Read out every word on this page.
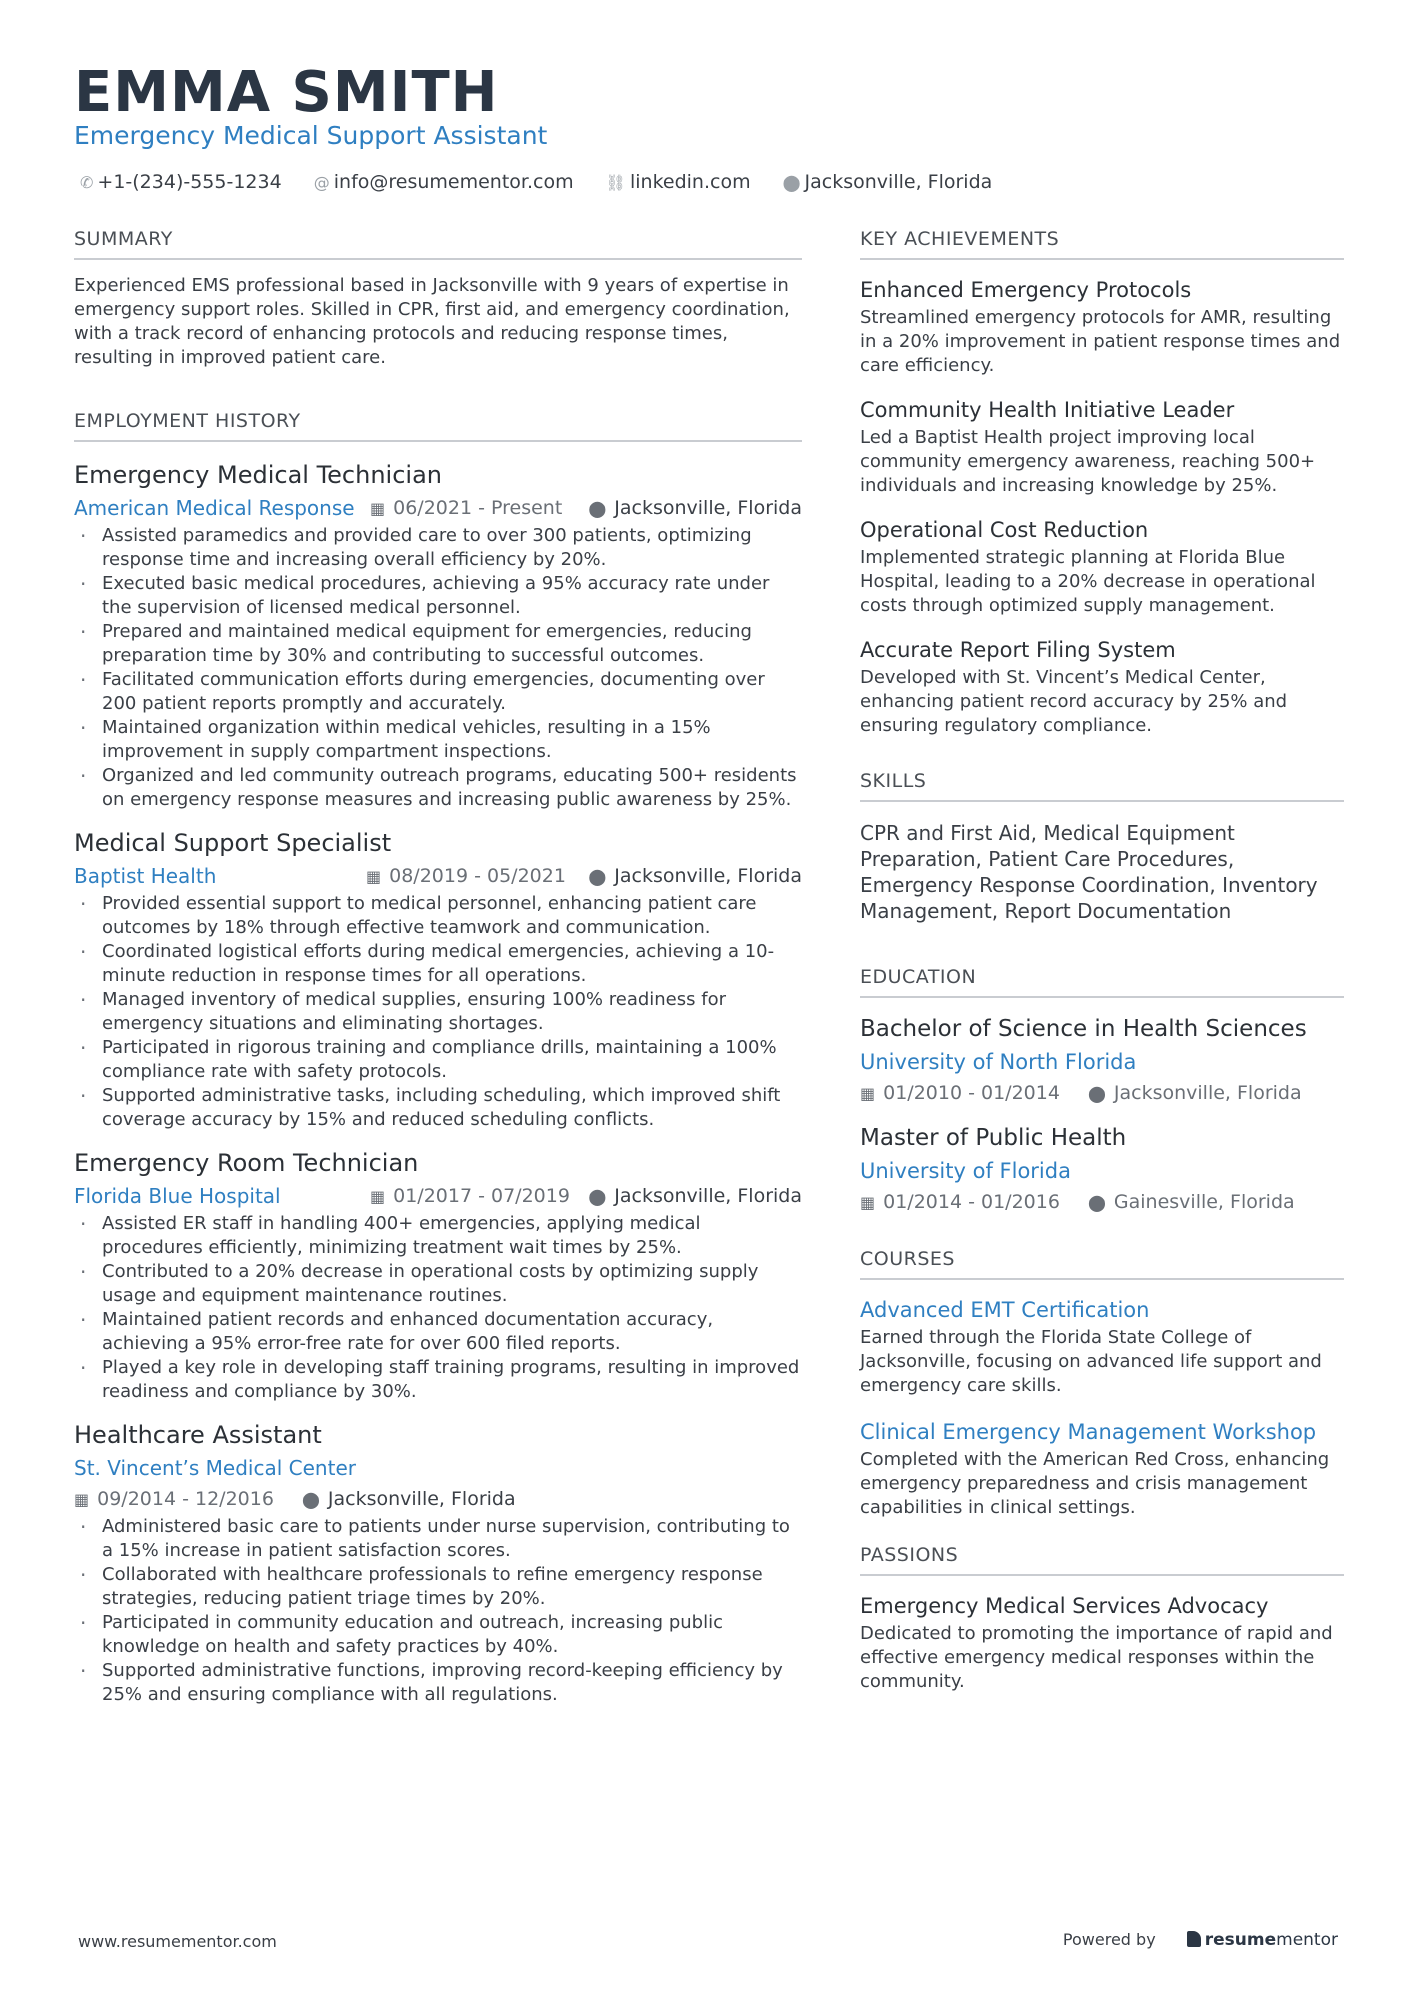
EMMA SMITH
Emergency Medical Support Assistant
✆ +1-(234)-555-1234 @ info@resumementor.com ⛓ linkedin.com ⬤ Jacksonville, Florida
SUMMARY
Experienced EMS professional based in Jacksonville with 9 years of expertise in emergency support roles. Skilled in CPR, first aid, and emergency coordination, with a track record of enhancing protocols and reducing response times, resulting in improved patient care.
EMPLOYMENT HISTORY
Emergency Medical Technician
American Medical Response ▦ 06/2021 - Present ⬤ Jacksonville, Florida
· Assisted paramedics and provided care to over 300 patients, optimizing response time and increasing overall efficiency by 20%.
· Executed basic medical procedures, achieving a 95% accuracy rate under the supervision of licensed medical personnel.
· Prepared and maintained medical equipment for emergencies, reducing preparation time by 30% and contributing to successful outcomes.
· Facilitated communication efforts during emergencies, documenting over 200 patient reports promptly and accurately.
· Maintained organization within medical vehicles, resulting in a 15% improvement in supply compartment inspections.
· Organized and led community outreach programs, educating 500+ residents on emergency response measures and increasing public awareness by 25%.
Medical Support Specialist
Baptist Health	▦ 08/2019 - 05/2021 ⬤ Jacksonville, Florida
· Provided essential support to medical personnel, enhancing patient care outcomes by 18% through effective teamwork and communication.
· Coordinated logistical efforts during medical emergencies, achieving a 10-minute reduction in response times for all operations.
· Managed inventory of medical supplies, ensuring 100% readiness for emergency situations and eliminating shortages.
· Participated in rigorous training and compliance drills, maintaining a 100% compliance rate with safety protocols.
· Supported administrative tasks, including scheduling, which improved shift coverage accuracy by 15% and reduced scheduling conflicts.
Emergency Room Technician
Florida Blue Hospital	▦ 01/2017 - 07/2019 ⬤ Jacksonville, Florida
· Assisted ER staff in handling 400+ emergencies, applying medical procedures efficiently, minimizing treatment wait times by 25%.
· Contributed to a 20% decrease in operational costs by optimizing supply usage and equipment maintenance routines.
· Maintained patient records and enhanced documentation accuracy, achieving a 95% error-free rate for over 600 filed reports.
· Played a key role in developing staff training programs, resulting in improved readiness and compliance by 30%.
Healthcare Assistant
St. Vincent’s Medical Center
▦ 09/2014 - 12/2016 ⬤ Jacksonville, Florida
· Administered basic care to patients under nurse supervision, contributing to a 15% increase in patient satisfaction scores.
· Collaborated with healthcare professionals to refine emergency response strategies, reducing patient triage times by 20%.
· Participated in community education and outreach, increasing public knowledge on health and safety practices by 40%.
· Supported administrative functions, improving record-keeping efficiency by 25% and ensuring compliance with all regulations.
KEY ACHIEVEMENTS
Enhanced Emergency Protocols
Streamlined emergency protocols for AMR, resulting in a 20% improvement in patient response times and care efficiency.
Community Health Initiative Leader
Led a Baptist Health project improving local community emergency awareness, reaching 500+ individuals and increasing knowledge by 25%.
Operational Cost Reduction
Implemented strategic planning at Florida Blue Hospital, leading to a 20% decrease in operational costs through optimized supply management.
Accurate Report Filing System
Developed with St. Vincent’s Medical Center, enhancing patient record accuracy by 25% and ensuring regulatory compliance.
SKILLS
CPR and First Aid, Medical Equipment Preparation, Patient Care Procedures, Emergency Response Coordination, Inventory Management, Report Documentation
EDUCATION
Bachelor of Science in Health Sciences
University of North Florida
▦ 01/2010 - 01/2014 ⬤ Jacksonville, Florida
Master of Public Health
University of Florida
▦ 01/2014 - 01/2016 ⬤ Gainesville, Florida
COURSES
Advanced EMT Certification
Earned through the Florida State College of Jacksonville, focusing on advanced life support and emergency care skills.
Clinical Emergency Management Workshop
Completed with the American Red Cross, enhancing emergency preparedness and crisis management capabilities in clinical settings.
PASSIONS
Emergency Medical Services Advocacy
Dedicated to promoting the importance of rapid and effective emergency medical responses within the community.
www.resumementor.com	Powered by	resumementor
